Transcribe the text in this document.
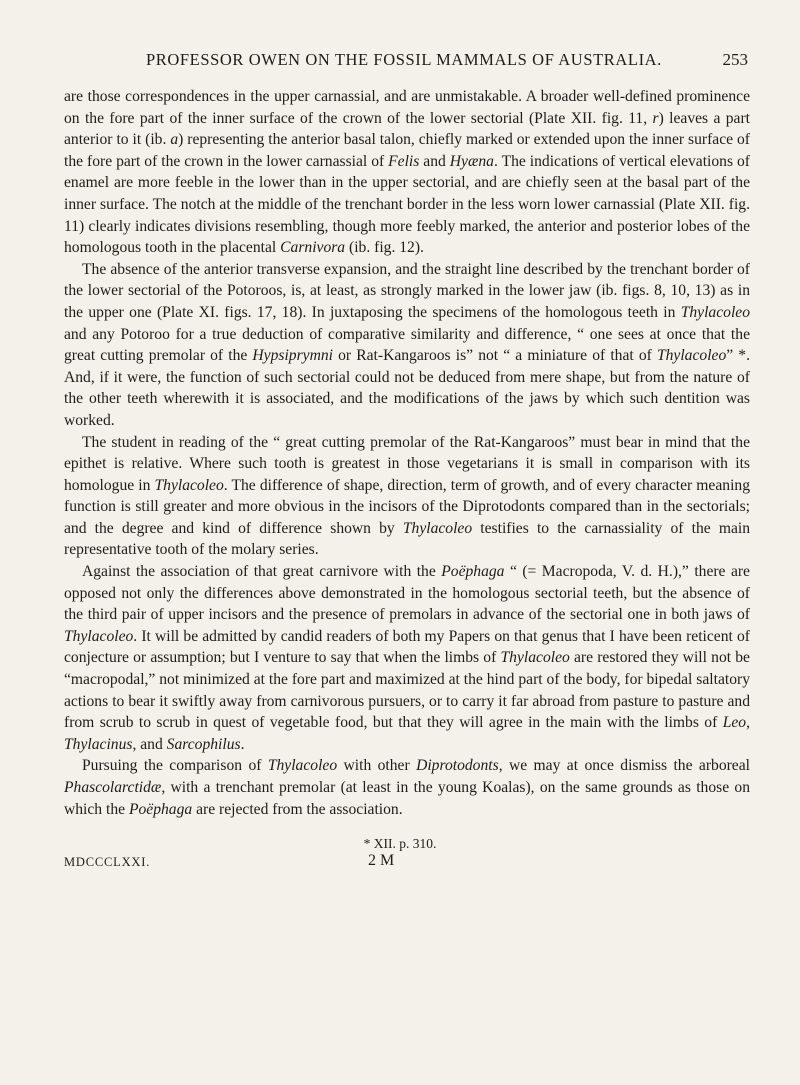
PROFESSOR OWEN ON THE FOSSIL MAMMALS OF AUSTRALIA.	253

are those correspondences in the upper carnassial, and are unmistakable. A broader well-defined prominence on the fore part of the inner surface of the crown of the lower sectorial (Plate XII. fig. 11, r) leaves a part anterior to it (ib. a) representing the anterior basal talon, chiefly marked or extended upon the inner surface of the fore part of the crown in the lower carnassial of Felis and Hyæna. The indications of vertical elevations of enamel are more feeble in the lower than in the upper sectorial, and are chiefly seen at the basal part of the inner surface. The notch at the middle of the trenchant border in the less worn lower carnassial (Plate XII. fig. 11) clearly indicates divisions resembling, though more feebly marked, the anterior and posterior lobes of the homologous tooth in the placental Carnivora (ib. fig. 12).

The absence of the anterior transverse expansion, and the straight line described by the trenchant border of the lower sectorial of the Potoroos, is, at least, as strongly marked in the lower jaw (ib. figs. 8, 10, 13) as in the upper one (Plate XI. figs. 17, 18). In juxtaposing the specimens of the homologous teeth in Thylacoleo and any Potoroo for a true deduction of comparative similarity and difference, “ one sees at once that the great cutting premolar of the Hypsiprymni or Rat-Kangaroos is” not “ a miniature of that of Thylacoleo” *. And, if it were, the function of such sectorial could not be deduced from mere shape, but from the nature of the other teeth wherewith it is associated, and the modifications of the jaws by which such dentition was worked.

The student in reading of the “ great cutting premolar of the Rat-Kangaroos” must bear in mind that the epithet is relative. Where such tooth is greatest in those vegetarians it is small in comparison with its homologue in Thylacoleo. The difference of shape, direction, term of growth, and of every character meaning function is still greater and more obvious in the incisors of the Diprotodonts compared than in the sectorials; and the degree and kind of difference shown by Thylacoleo testifies to the carnassiality of the main representative tooth of the molary series.

Against the association of that great carnivore with the Poëphaga “ (= Macropoda, V. d. H.),” there are opposed not only the differences above demonstrated in the homologous sectorial teeth, but the absence of the third pair of upper incisors and the presence of premolars in advance of the sectorial one in both jaws of Thylacoleo. It will be admitted by candid readers of both my Papers on that genus that I have been reticent of conjecture or assumption; but I venture to say that when the limbs of Thylacoleo are restored they will not be “macropodal,” not minimized at the fore part and maximized at the hind part of the body, for bipedal saltatory actions to bear it swiftly away from carnivorous pursuers, or to carry it far abroad from pasture to pasture and from scrub to scrub in quest of vegetable food, but that they will agree in the main with the limbs of Leo, Thylacinus, and Sarcophilus.

Pursuing the comparison of Thylacoleo with other Diprotodonts, we may at once dismiss the arboreal Phascolarctidæ, with a trenchant premolar (at least in the young Koalas), on the same grounds as those on which the Poëphaga are rejected from the association.

* XII. p. 310.
MDCCCLXXI.	2 M
